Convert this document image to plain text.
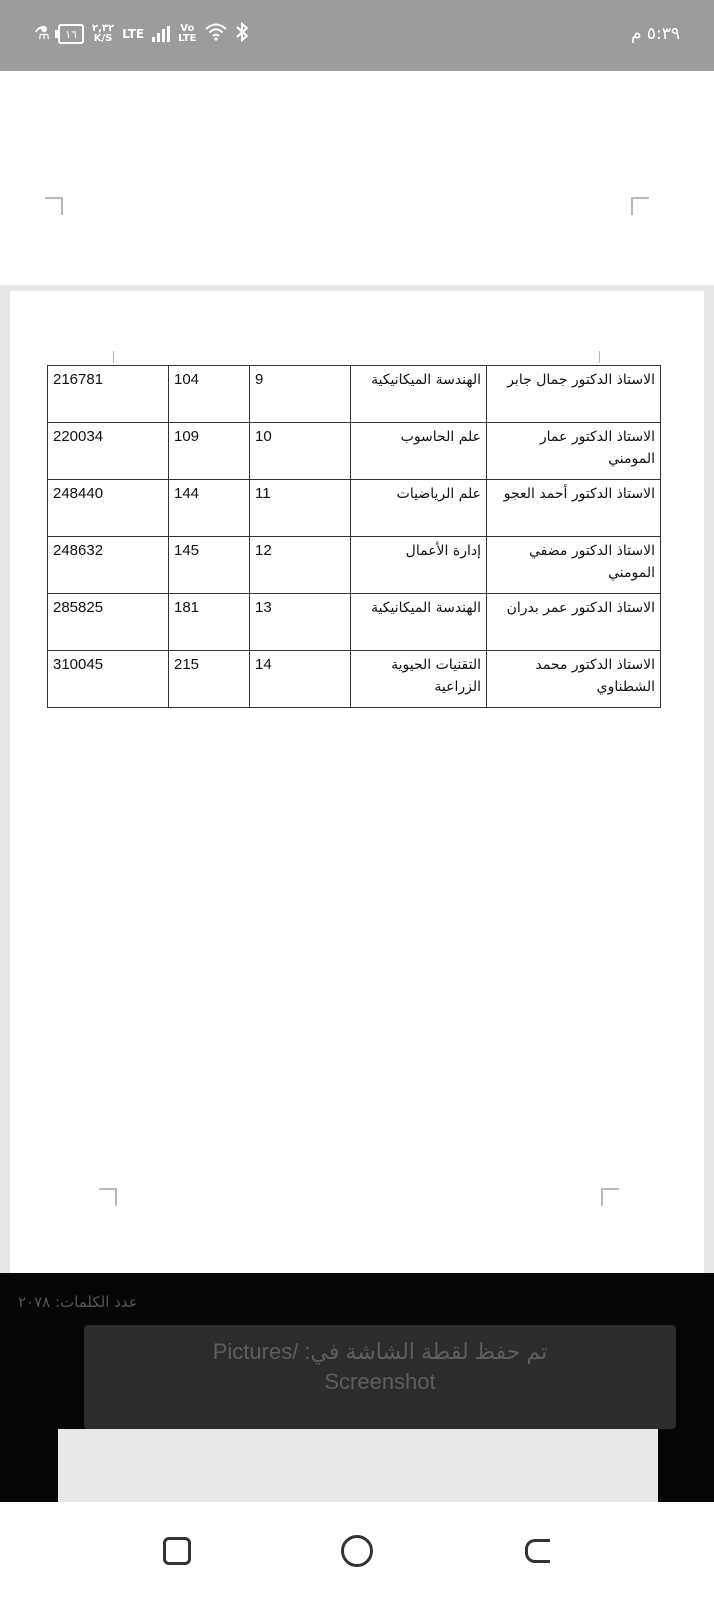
⚗ ١٦ ٢,٣٢
K/S LTE	Vo
LTE	٥:٣٩ م
الاستاذ الدكتور جمال جابر	الهندسة الميكانيكية	9	104	216781
الاستاذ الدكتور عمار المومني	علم الحاسوب	10	109	220034
الاستاذ الدكتور أحمد العجو	علم الرياضيات	11	144	248440
الاستاذ الدكتور مضفي المومني	إدارة الأعمال	12	145	248632
الاستاذ الدكتور عمر بدران	الهندسة الميكانيكية	13	181	285825
الاستاذ الدكتور محمد الشطناوي	التقنيات الحيوية الزراعية	14	215	310045
عدد الكلمات: ٢٠٧٨
تم حفظ لقطة الشاشة في: /Pictures
Screenshot
